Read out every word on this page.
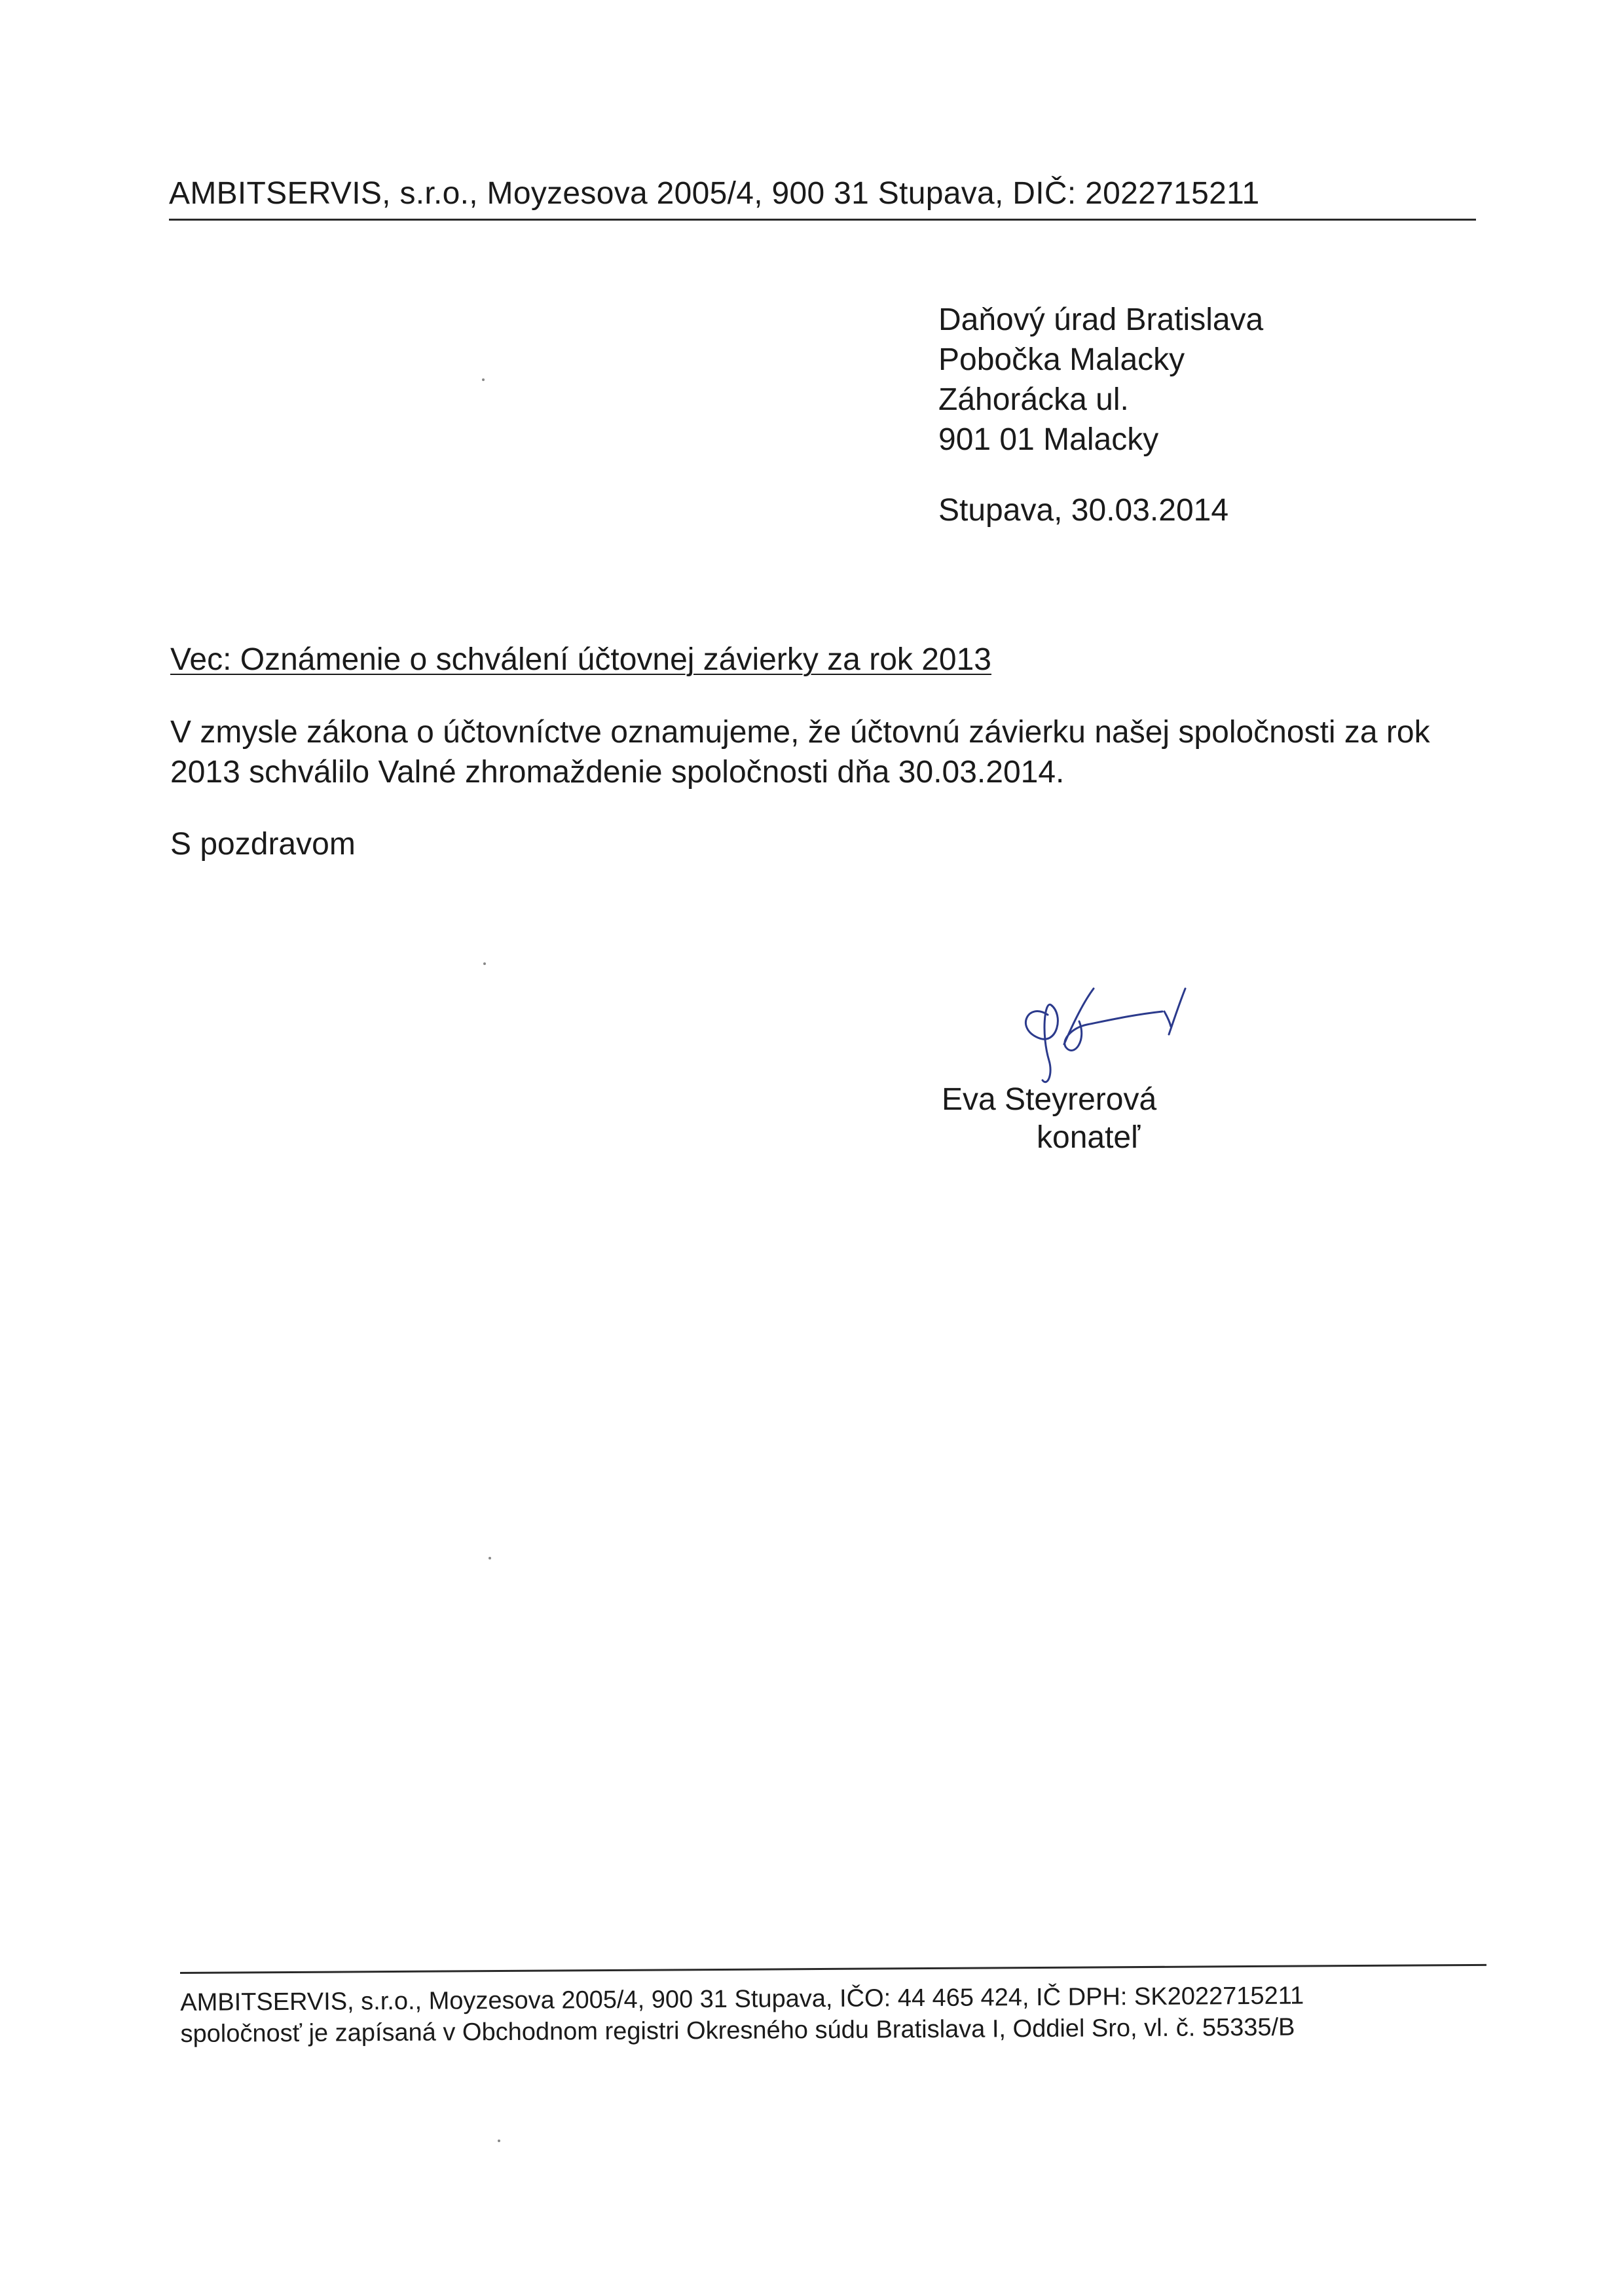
AMBITSERVIS, s.r.o., Moyzesova 2005/4, 900 31 Stupava, DIČ: 2022715211
Daňový úrad Bratislava
Pobočka Malacky
Záhorácka ul.
901 01 Malacky
Stupava, 30.03.2014
Vec: Oznámenie o schválení účtovnej závierky za rok 2013
V zmysle zákona o účtovníctve oznamujeme, že účtovnú závierku našej spoločnosti za rok
2013 schválilo Valné zhromaždenie spoločnosti dňa 30.03.2014.
S pozdravom
Eva Steyrerová
konateľ
AMBITSERVIS, s.r.o., Moyzesova 2005/4, 900 31 Stupava, IČO: 44 465 424, IČ DPH: SK2022715211
spoločnosť je zapísaná v Obchodnom registri Okresného súdu Bratislava I, Oddiel Sro, vl. č. 55335/B
